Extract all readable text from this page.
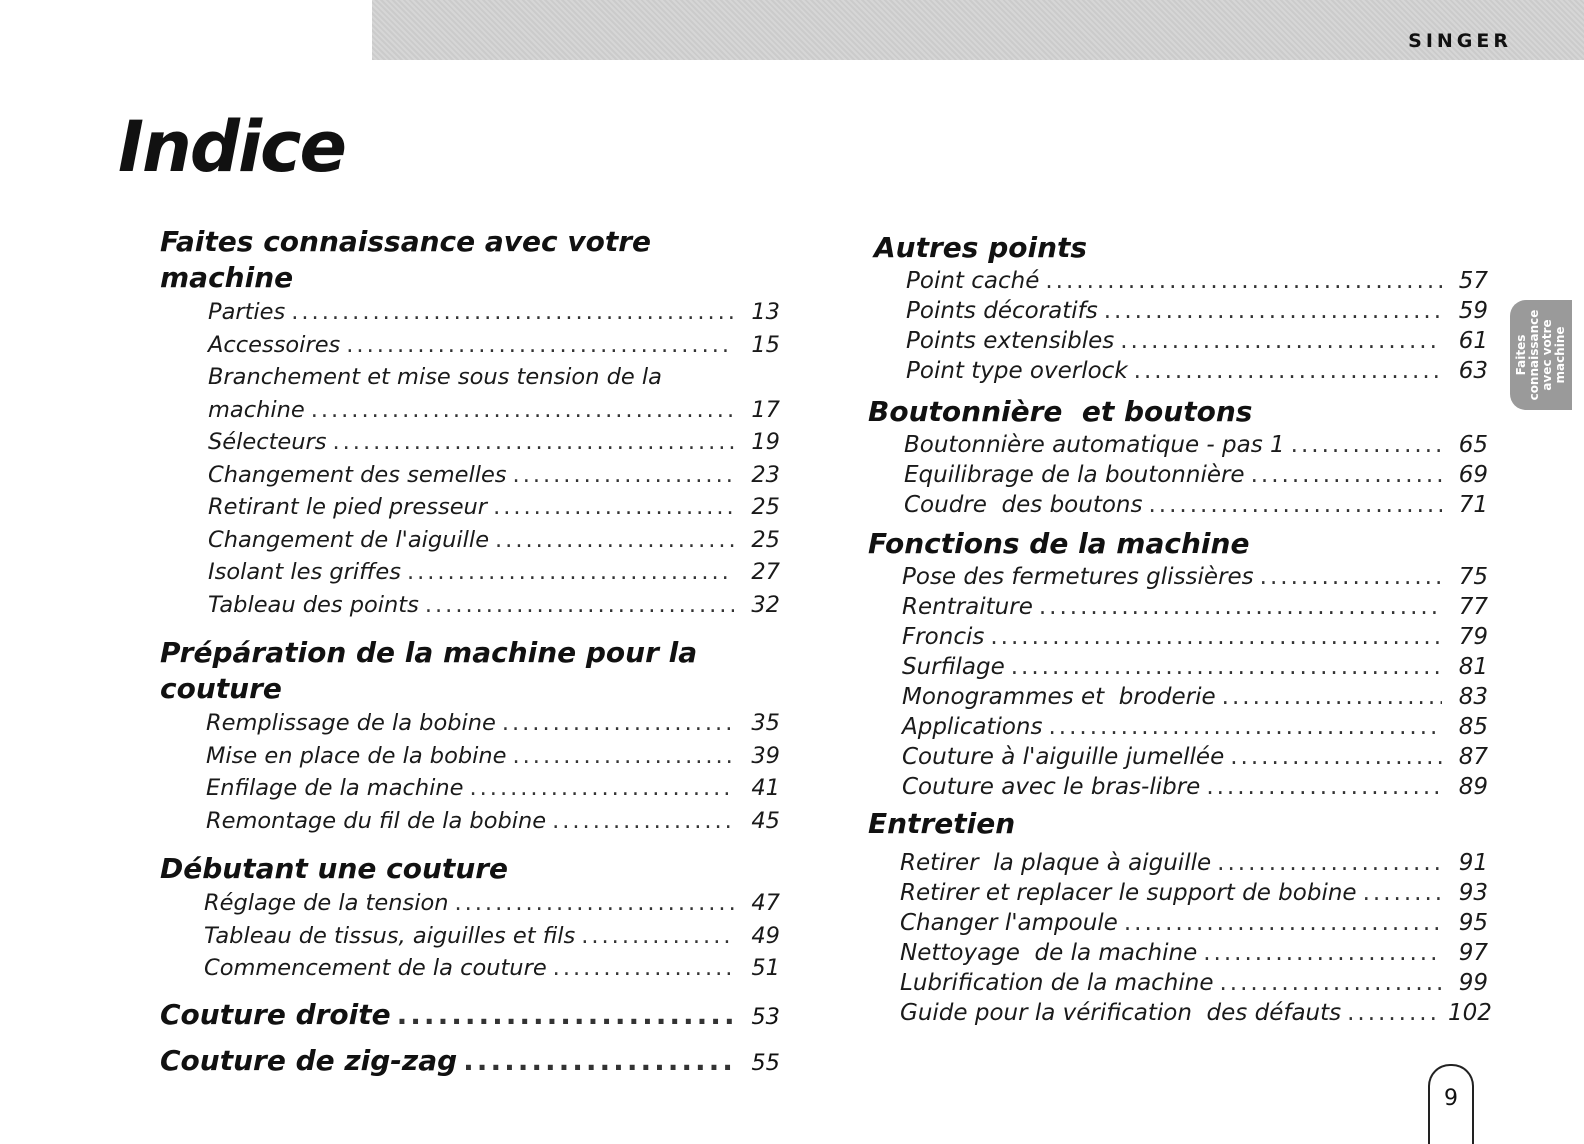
SINGER
Indice
Faites connaissance avec votre machine
Parties .....	13
Accessoires .....	15
Branchement et mise sous tension de la
machine .....	17
Sélecteurs .....	19
Changement des semelles .....	23
Retirant le pied presseur .....	25
Changement de l'aiguille .....	25
Isolant les griffes .....	27
Tableau des points .....	32
Prépáration de la machine pour la
couture
Remplissage de la bobine .....	35
Mise en place de la bobine .....	39
Enfilage de la machine .....	41
Remontage du fil de la bobine .....	45
Débutant une couture
Réglage de la tension .....	47
Tableau de tissus, aiguilles et fils .....	49
Commencement de la couture .....	51
Couture droite .....	53
Couture de zig-zag .....	55
Autres points
Point caché .....	57
Points décoratifs .....	59
Points extensibles .....	61
Point type overlock .....	63
Boutonnière  et boutons
Boutonnière automatique - pas 1 .....	65
Equilibrage de la boutonnière .....	69
Coudre  des boutons .....	71
Fonctions de la machine
Pose des fermetures glissières .....	75
Rentraiture .....	77
Froncis .....	79
Surfilage .....	81
Monogrammes et  broderie .....	83
Applications .....	85
Couture à l'aiguille jumellée .....	87
Couture avec le bras-libre .....	89
Entretien
Retirer  la plaque à aiguille .....	91
Retirer et replacer le support de bobine .....	93
Changer l'ampoule .....	95
Nettoyage  de la machine .....	97
Lubrification de la machine .....	99
Guide pour la vérification  des défauts .....	102
Faites
connaissance
avec votre
machine
9
